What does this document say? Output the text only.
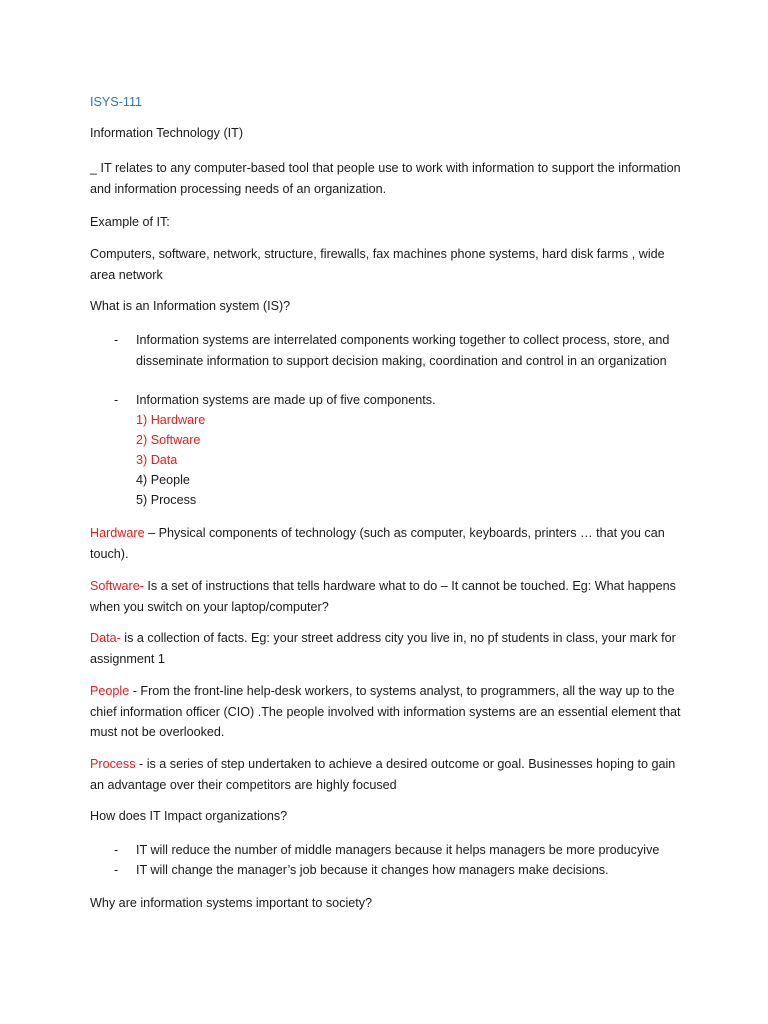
ISYS-111

Information Technology (IT)

_ IT relates to any computer-based tool that people use to work with information to support the information and information processing needs of an organization.

Example of IT:

Computers, software, network, structure, firewalls, fax machines phone systems, hard disk farms , wide area network

What is an Information system (IS)?

- Information systems are interrelated components working together to collect process, store, and disseminate information to support decision making, coordination and control in an organization

- Information systems are made up of five components.

1) Hardware
2) Software
3) Data
4) People
5) Process

Hardware – Physical components of technology (such as computer, keyboards, printers … that you can touch).

Software- Is a set of instructions that tells hardware what to do – It cannot be touched. Eg: What happens when you switch on your laptop/computer?

Data- is a collection of facts. Eg: your street address city you live in, no pf students in class, your mark for assignment 1

People - From the front-line help-desk workers, to systems analyst, to programmers, all the way up to the chief information officer (CIO) .The people involved with information systems are an essential element that must not be overlooked.

Process - is a series of step undertaken to achieve a desired outcome or goal. Businesses hoping to gain an advantage over their competitors are highly focused

How does IT Impact organizations?

- IT will reduce the number of middle managers because it helps managers be more producyive

- IT will change the manager’s job because it changes how managers make decisions.

Why are information systems important to society?
